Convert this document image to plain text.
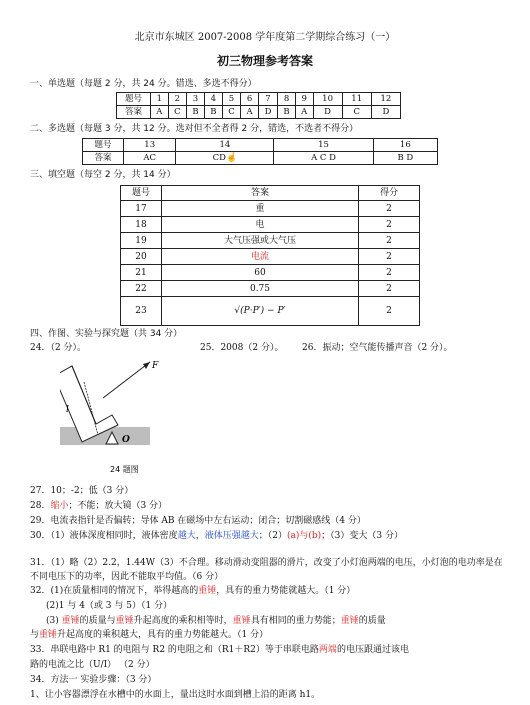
北京市东城区 2007-2008 学年度第二学期综合练习（一）
初三物理参考答案
一、单选题（每题 2 分，共 24 分。错选、多选不得分）
题号	1	2	3	4	5	6	7	8	9	10	11	12
答案	A	C	B	B	C	A	D	B	A	D	C	D
二、多选题（每题 3 分，共 12 分。选对但不全者得 2 分，错选，不选者不得分）
题号	13	14	15	16
答案	AC	CD☝	A C D	B D
三、填空题（每空 2 分，共 14 分）
题号	答案	得分
17	重	2
18	电	2
19	大气压强或大气压	2
20	电流	2
21	60	2
22	0.75	2
23	√(P·P′) − P′	2
四、作图、实验与探究题（共 34 分）
24．（2 分）。	25．2008（2 分）。 26．振动；空气能传播声音（2 分）。
F
l
O
24 题图
27．10；-2；低（3 分）
28．缩小；不能；放大镜（3 分）
29．电流表指针是否偏转；导体 AB 在磁场中左右运动；闭合；切割磁感线（4 分）
30．（1）液体深度相同时，液体密度越大，液体压强越大；（2）(a)与(b)；（3）变大（3 分）
31．（1）略（2）2.2，1.44W（3）不合理。移动滑动变阻器的滑片，改变了小灯泡两端的电压，小灯泡的电功率是在不同电压下的功率，因此不能取平均值。（6 分）
32．(1)在质量相同的情况下，举得越高的重锤，具有的重力势能就越大。（1 分）
(2)1 与 4（或 3 与 5）（1 分）
(3) 重锤的质量与重锤升起高度的乘积相等时，重锤具有相同的重力势能；重锤的质量
与重锤升起高度的乘积越大，具有的重力势能越大。（1 分）
33．串联电路中 R1 的电阻与 R2 的电阻之和（R1＋R2）等于串联电路两端的电压跟通过该电
路的电流之比（U/I） （2 分）
34．方法一 实验步骤：（3 分）
1、让小容器漂浮在水槽中的水面上，量出这时水面到槽上沿的距离 h1。
